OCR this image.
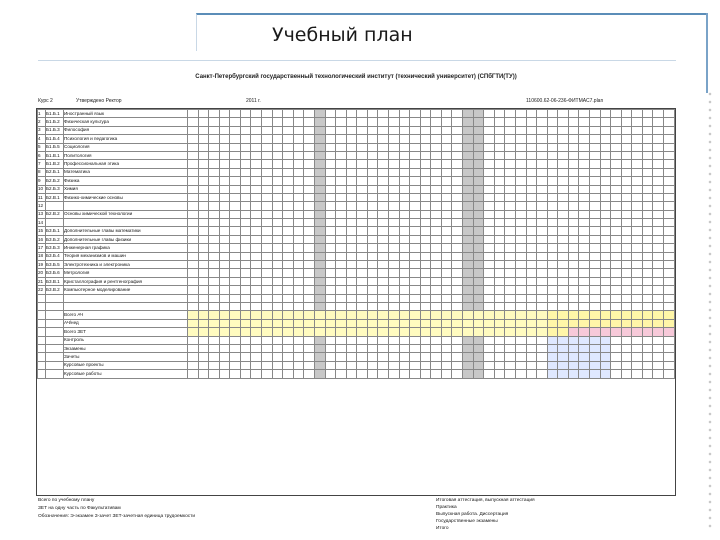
Учебный план
Санкт-Петербургский государственный технологический институт (технический университет) (СПбГТИ(ТУ))
Курс 2	Утверждено Ректор	2011 г.	110600.62-06-236-ФИТМАС7.plan
1	Б1.Б.1	Иностранный язык																																														
2	Б1.Б.2	Физическая культура																																														
3	Б1.Б.3	Философия																																														
4	Б1.Б.4	Психология и педагогика																																														
5	Б1.Б.5	Социология																																														
6	Б1.В.1	Политология																																														
7	Б1.В.2	Профессиональная этика																																														
8	Б2.Б.1	Математика																																														
9	Б2.Б.2	Физика																																														
10	Б2.Б.3	Химия																																														
11	Б2.В.1	Физико-химические основы																																														
12																																																
13	Б2.В.2	Основы химической технологии																																														
14																																																
15	Б3.Б.1	Дополнительные главы математики																																														
16	Б3.Б.2	Дополнительные главы физики																																														
17	Б3.Б.3	Инженерная графика																																														
18	Б3.Б.4	Теория механизмов и машин																																														
19	Б3.Б.5	Электротехника и электроника																																														
20	Б3.Б.6	Метрология																																														
21	Б3.В.1	Кристаллография и рентгенография																																														
22	Б3.В.2	Компьютерное моделирование																																														

		Всего АЧ																																														
		АЧ/нед																																														
		Всего ЗЕТ																																														
		Контроль																																														
		Экзамены																																														
		Зачеты																																														
		Курсовые проекты																																														
		Курсовые работы																																														
Всего по учебному плану
ЗЕТ на одну часть по Факультативам
Обозначения: Э-экзамен З-зачет ЗЕТ-зачетная единица трудоемкости
Итоговая аттестация, выпускная аттестация
Практика
Выпускная работа. Диссертация
Государственные экзамены
Итого
